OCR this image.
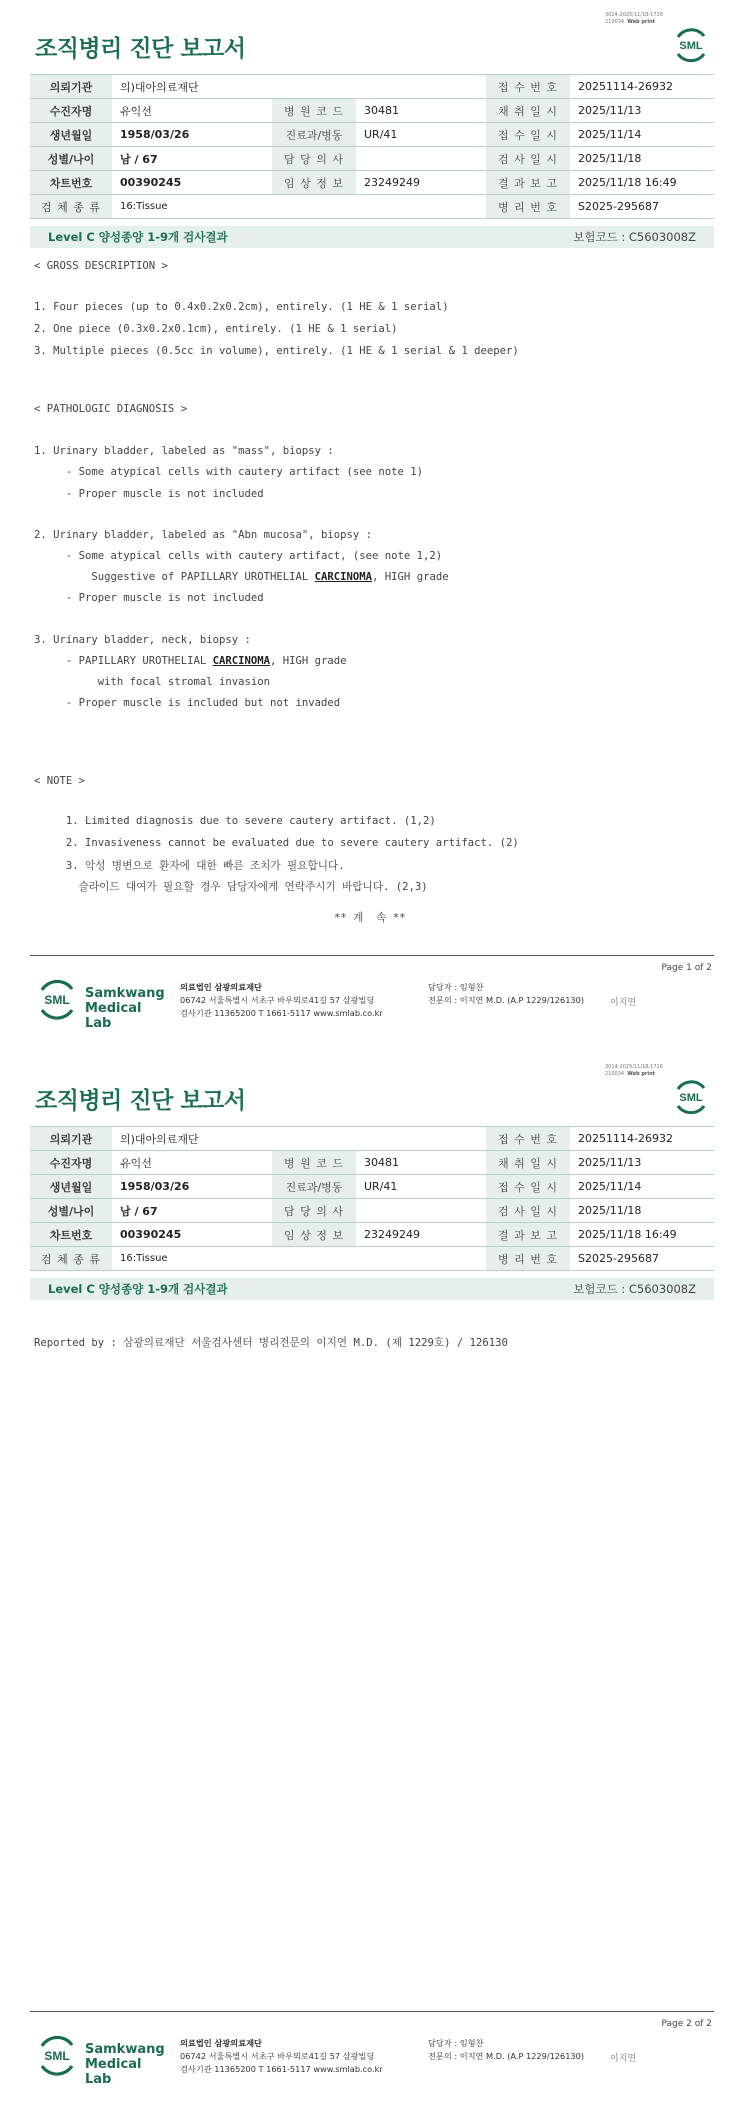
3014-2025/11/18-1716
210034 Web print
조직병리 진단 보고서	SML
의뢰기관	의)대아의료재단			접 수 번 호	20251114-26932
수진자명	유익선	병 원 코 드	30481	채 취 일 시	2025/11/13
생년월일	1958/03/26	진료과/병동	UR/41	접 수 일 시	2025/11/14
성별/나이	남 / 67	담 당 의 사		검 사 일 시	2025/11/18
차트번호	00390245	임 상 정 보	23249249	결 과 보 고	2025/11/18 16:49
검 체 종 류	16:Tissue			병 리 번 호	S2025-295687
Level C 양성종양 1-9개 검사결과	보험코드 : C5603008Z
< GROSS DESCRIPTION >
1. Four pieces (up to 0.4x0.2x0.2cm), entirely. (1 HE & 1 serial)
2. One piece (0.3x0.2x0.1cm), entirely. (1 HE & 1 serial)
3. Multiple pieces (0.5cc in volume), entirely. (1 HE & 1 serial & 1 deeper)
< PATHOLOGIC DIAGNOSIS >
1. Urinary bladder, labeled as "mass", biopsy :
- Some atypical cells with cautery artifact (see note 1)
- Proper muscle is not included
2. Urinary bladder, labeled as "Abn mucosa", biopsy :
- Some atypical cells with cautery artifact, (see note 1,2)
Suggestive of PAPILLARY UROTHELIAL CARCINOMA, HIGH grade
- Proper muscle is not included
3. Urinary bladder, neck, biopsy :
- PAPILLARY UROTHELIAL CARCINOMA, HIGH grade
with focal stromal invasion
- Proper muscle is included but not invaded
< NOTE >
1. Limited diagnosis due to severe cautery artifact. (1,2)
2. Invasiveness cannot be evaluated due to severe cautery artifact. (2)
3. 악성 병변으로 환자에 대한 빠른 조치가 필요합니다.
슬라이드 대여가 필요할 경우 담당자에게 연락주시기 바랍니다. (2,3)
** 계  속 **
Page 1 of 2
SML Samkwang
Medical Lab
의료법인 삼광의료재단
06742 서울특별시 서초구 바우뫼로41길 57 삼광빌딩
검사기관 11365200 T 1661-5117 www.smlab.co.kr
담당자 : 임형찬
전문의 : 이지연 M.D. (A.P 1229/126130)	이지연
3014-2025/11/18-1716
210034 Web print
조직병리 진단 보고서	SML
의뢰기관	의)대아의료재단			접 수 번 호	20251114-26932
수진자명	유익선	병 원 코 드	30481	채 취 일 시	2025/11/13
생년월일	1958/03/26	진료과/병동	UR/41	접 수 일 시	2025/11/14
성별/나이	남 / 67	담 당 의 사		검 사 일 시	2025/11/18
차트번호	00390245	임 상 정 보	23249249	결 과 보 고	2025/11/18 16:49
검 체 종 류	16:Tissue			병 리 번 호	S2025-295687
Level C 양성종양 1-9개 검사결과	보험코드 : C5603008Z
Reported by : 삼광의료재단 서울검사센터 병리전문의 이지연 M.D. (제 1229호) / 126130
Page 2 of 2
SML Samkwang
Medical Lab
의료법인 삼광의료재단
06742 서울특별시 서초구 바우뫼로41길 57 삼광빌딩
검사기관 11365200 T 1661-5117 www.smlab.co.kr
담당자 : 임형찬
전문의 : 이지연 M.D. (A.P 1229/126130)	이지연
